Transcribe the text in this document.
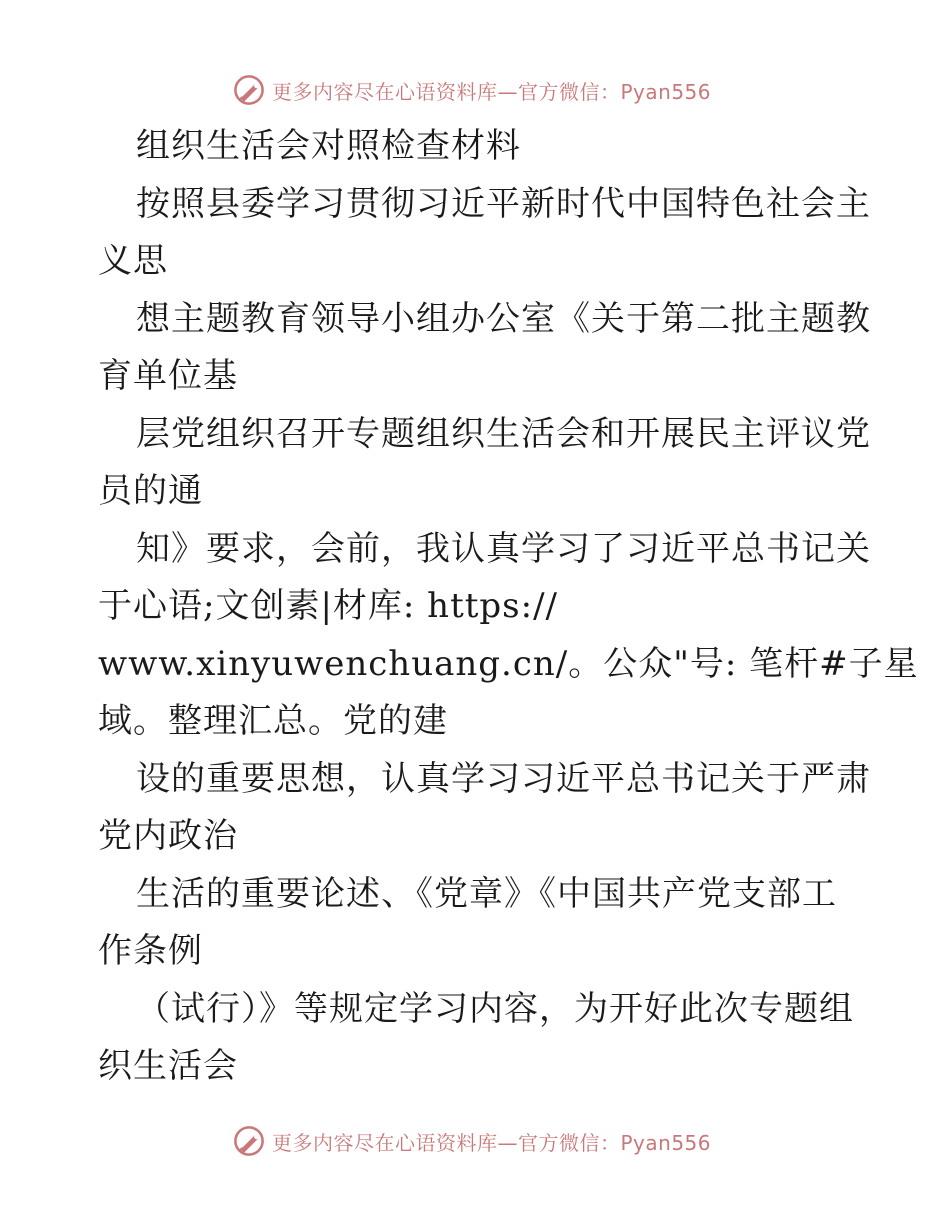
更多内容尽在心语资料库—官方微信：Pyan556
组织生活会对照检查材料
按照县委学习贯彻习近平新时代中国特色社会主
义思
想主题教育领导小组办公室《关于第二批主题教
育单位基
层党组织召开专题组织生活会和开展民主评议党
员的通
知》要求，会前，我认真学习了习近平总书记关
于心语;文创素|材库: https://
www.xinyuwenchuang.cn/。公众"号: 笔杆#子星
域。整理汇总。党的建
设的重要思想，认真学习习近平总书记关于严肃
党内政治
生活的重要论述、《党章》《中国共产党支部工
作条例
（试行）》等规定学习内容，为开好此次专题组
织生活会
更多内容尽在心语资料库—官方微信：Pyan556
